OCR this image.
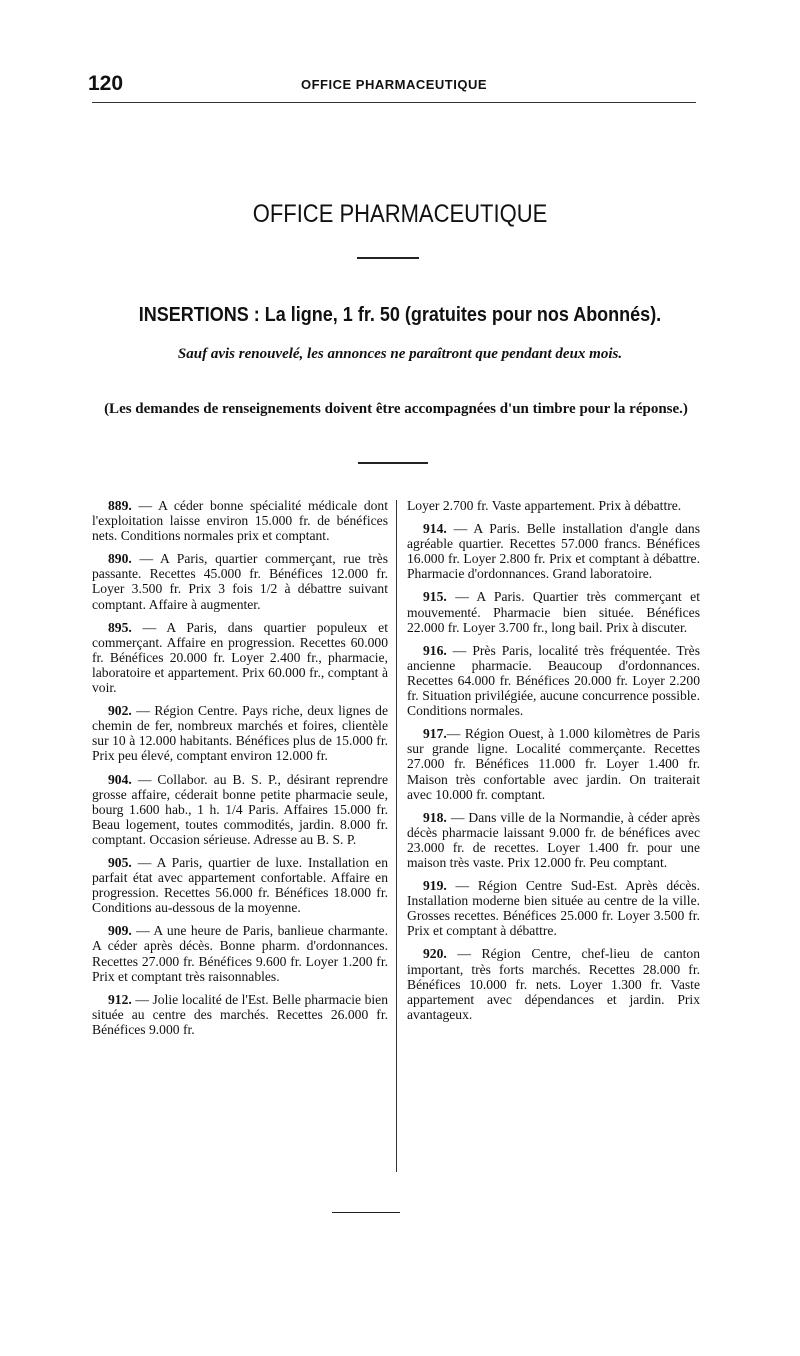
120	OFFICE PHARMACEUTIQUE
OFFICE PHARMACEUTIQUE
INSERTIONS : La ligne, 1 fr. 50 (gratuites pour nos Abonnés).
Sauf avis renouvelé, les annonces ne paraîtront que pendant deux mois.
(Les demandes de renseignements doivent être accompagnées d'un timbre pour la réponse.)

889. — A céder bonne spécialité médicale dont l'exploitation laisse environ 15.000 fr. de bénéfices nets. Conditions normales prix et comptant.

890. — A Paris, quartier commerçant, rue très passante. Recettes 45.000 fr. Bénéfices 12.000 fr. Loyer 3.500 fr. Prix 3 fois 1/2 à débattre suivant comptant. Affaire à augmenter.

895. — A Paris, dans quartier populeux et commerçant. Affaire en progression. Recettes 60.000 fr. Bénéfices 20.000 fr. Loyer 2.400 fr., pharmacie, laboratoire et appartement. Prix 60.000 fr., comptant à voir.

902. — Région Centre. Pays riche, deux lignes de chemin de fer, nombreux marchés et foires, clientèle sur 10 à 12.000 habitants. Bénéfices plus de 15.000 fr. Prix peu élevé, comptant environ 12.000 fr.

904. — Collabor. au B. S. P., désirant reprendre grosse affaire, céderait bonne petite pharmacie seule, bourg 1.600 hab., 1 h. 1/4 Paris. Affaires 15.000 fr. Beau logement, toutes commodités, jardin. 8.000 fr. comptant. Occasion sérieuse. Adresse au B. S. P.

905. — A Paris, quartier de luxe. Installation en parfait état avec appartement confortable. Affaire en progression. Recettes 56.000 fr. Bénéfices 18.000 fr. Conditions au-dessous de la moyenne.

909. — A une heure de Paris, banlieue charmante. A céder après décès. Bonne pharm. d'ordonnances. Recettes 27.000 fr. Bénéfices 9.600 fr. Loyer 1.200 fr. Prix et comptant très raisonnables.

912. — Jolie localité de l'Est. Belle pharmacie bien située au centre des marchés. Recettes 26.000 fr. Bénéfices 9.000 fr.

Loyer 2.700 fr. Vaste appartement. Prix à débattre.

914. — A Paris. Belle installation d'angle dans agréable quartier. Recettes 57.000 francs. Bénéfices 16.000 fr. Loyer 2.800 fr. Prix et comptant à débattre. Pharmacie d'ordonnances. Grand laboratoire.

915. — A Paris. Quartier très commerçant et mouvementé. Pharmacie bien située. Bénéfices 22.000 fr. Loyer 3.700 fr., long bail. Prix à discuter.

916. — Près Paris, localité très fréquentée. Très ancienne pharmacie. Beaucoup d'ordonnances. Recettes 64.000 fr. Bénéfices 20.000 fr. Loyer 2.200 fr. Situation privilégiée, aucune concurrence possible. Conditions normales.

917.— Région Ouest, à 1.000 kilomètres de Paris sur grande ligne. Localité commerçante. Recettes 27.000 fr. Bénéfices 11.000 fr. Loyer 1.400 fr. Maison très confortable avec jardin. On traiterait avec 10.000 fr. comptant.

918. — Dans ville de la Normandie, à céder après décès pharmacie laissant 9.000 fr. de bénéfices avec 23.000 fr. de recettes. Loyer 1.400 fr. pour une maison très vaste. Prix 12.000 fr. Peu comptant.

919. — Région Centre Sud-Est. Après décès. Installation moderne bien située au centre de la ville. Grosses recettes. Bénéfices 25.000 fr. Loyer 3.500 fr. Prix et comptant à débattre.

920. — Région Centre, chef-lieu de canton important, très forts marchés. Recettes 28.000 fr. Bénéfices 10.000 fr. nets. Loyer 1.300 fr. Vaste appartement avec dépendances et jardin. Prix avantageux.
